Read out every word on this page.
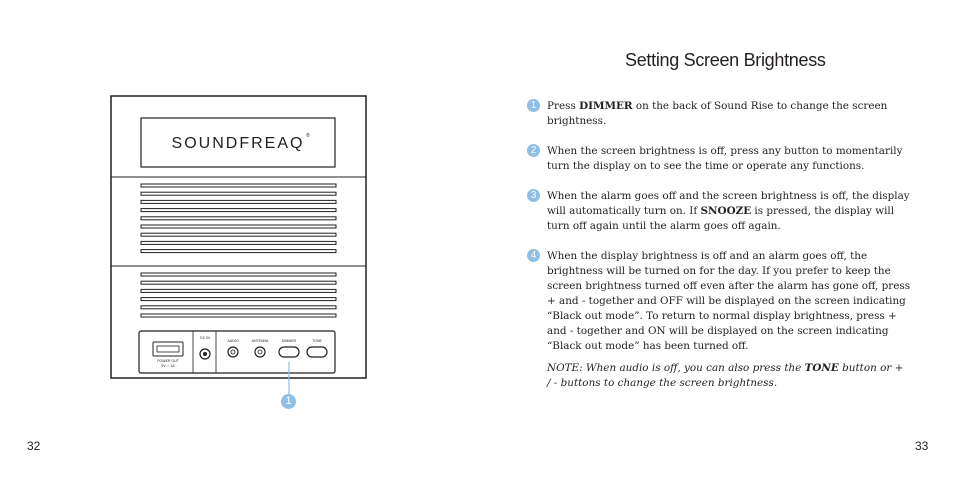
SOUNDFREAQ ®
POWER OUT
5V ⎓ 1A
DC IN
AUDIO	ANTENNA	DIMMER	TONE
1
Setting Screen Brightness
1	Press DIMMER on the back of Sound Rise to change the screen brightness.
2	When the screen brightness is off, press any button to momentarily turn the display on to see the time or operate any functions.
3	When the alarm goes off and the screen brightness is off, the display will automatically turn on. If SNOOZE is pressed, the display will turn off again until the alarm goes off again.
4	When the display brightness is off and an alarm goes off, the brightness will be turned on for the day. If you prefer to keep the screen brightness turned off even after the alarm has gone off, press + and - together and OFF will be displayed on the screen indicating “Black out mode”. To return to normal display brightness, press + and - together and ON will be displayed on the screen indicating “Black out mode” has been turned off.
NOTE: When audio is off, you can also press the TONE button or + / - buttons to change the screen brightness.
32	33
